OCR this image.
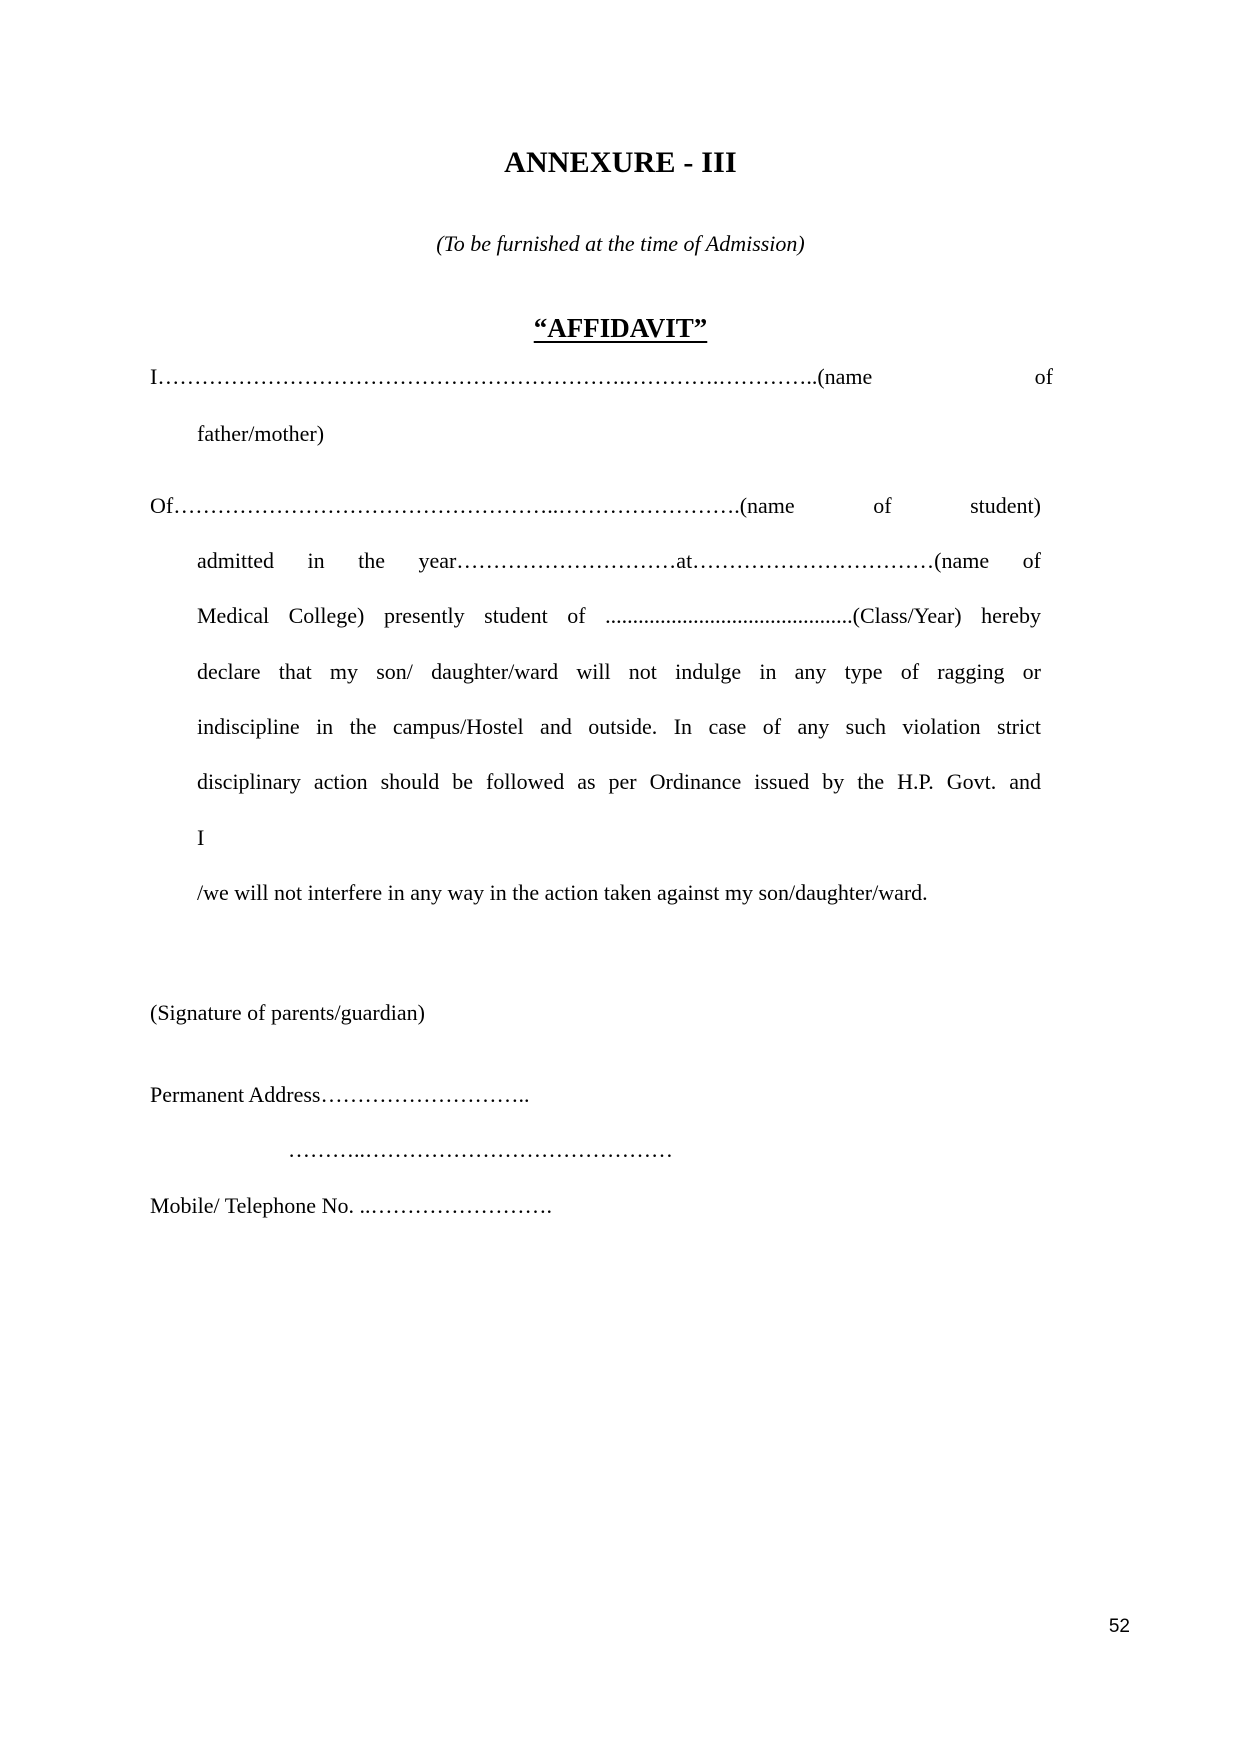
ANNEXURE - III
(To be furnished at the time of Admission)
“AFFIDAVIT”
I……………………………………………………….………….…………..(name	of
father/mother)
Of……………………………………………..…………………….(name	of	student)
admitted in the year…………………………at……………………………(name of
Medical College) presently student of .............................................(Class/Year) hereby
declare that my son/ daughter/ward will not indulge in any type of ragging or
indiscipline in the campus/Hostel and outside. In case of any such violation strict
disciplinary action should be followed as per Ordinance issued by the H.P. Govt. and
I
/we will not interfere in any way in the action taken against my son/daughter/ward.
(Signature of parents/guardian)
Permanent Address………………………..
………..……………………………………
Mobile/ Telephone No. ..…………………….
52
